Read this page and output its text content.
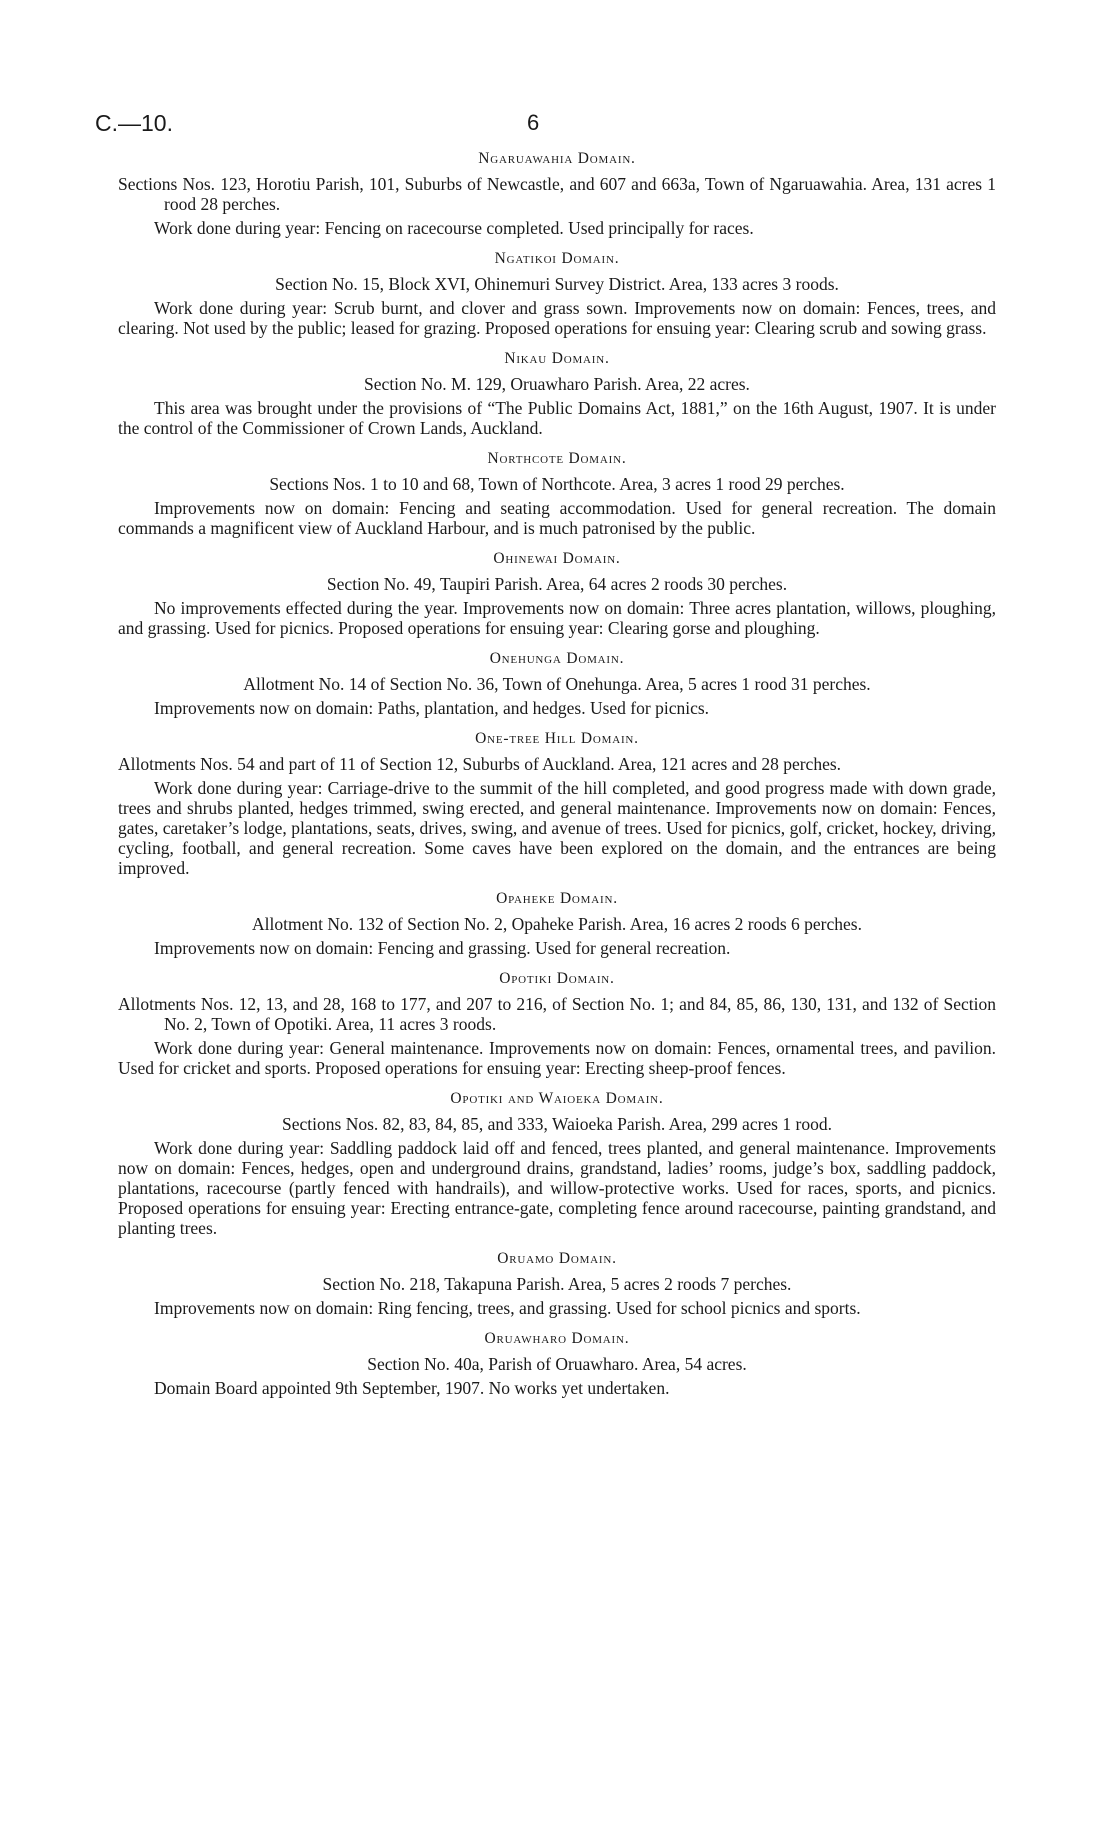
C.—10.	6
Ngaruawahia Domain.
Sections Nos. 123, Horotiu Parish, 101, Suburbs of Newcastle, and 607 and 663a, Town of Ngaruawahia. Area, 131 acres 1 rood 28 perches.
Work done during year: Fencing on racecourse completed. Used principally for races.
Ngatikoi Domain.
Section No. 15, Block XVI, Ohinemuri Survey District. Area, 133 acres 3 roods.
Work done during year: Scrub burnt, and clover and grass sown. Improvements now on domain: Fences, trees, and clearing. Not used by the public; leased for grazing. Proposed operations for ensuing year: Clearing scrub and sowing grass.
Nikau Domain.
Section No. M. 129, Oruawharo Parish. Area, 22 acres.
This area was brought under the provisions of “The Public Domains Act, 1881,” on the 16th August, 1907. It is under the control of the Commissioner of Crown Lands, Auckland.
Northcote Domain.
Sections Nos. 1 to 10 and 68, Town of Northcote. Area, 3 acres 1 rood 29 perches.
Improvements now on domain: Fencing and seating accommodation. Used for general recreation. The domain commands a magnificent view of Auckland Harbour, and is much patronised by the public.
Ohinewai Domain.
Section No. 49, Taupiri Parish. Area, 64 acres 2 roods 30 perches.
No improvements effected during the year. Improvements now on domain: Three acres plantation, willows, ploughing, and grassing. Used for picnics. Proposed operations for ensuing year: Clearing gorse and ploughing.
Onehunga Domain.
Allotment No. 14 of Section No. 36, Town of Onehunga. Area, 5 acres 1 rood 31 perches.
Improvements now on domain: Paths, plantation, and hedges. Used for picnics.
One-tree Hill Domain.
Allotments Nos. 54 and part of 11 of Section 12, Suburbs of Auckland. Area, 121 acres and 28 perches.
Work done during year: Carriage-drive to the summit of the hill completed, and good progress made with down grade, trees and shrubs planted, hedges trimmed, swing erected, and general maintenance. Improvements now on domain: Fences, gates, caretaker’s lodge, plantations, seats, drives, swing, and avenue of trees. Used for picnics, golf, cricket, hockey, driving, cycling, football, and general recreation. Some caves have been explored on the domain, and the entrances are being improved.
Opaheke Domain.
Allotment No. 132 of Section No. 2, Opaheke Parish. Area, 16 acres 2 roods 6 perches.
Improvements now on domain: Fencing and grassing. Used for general recreation.
Opotiki Domain.
Allotments Nos. 12, 13, and 28, 168 to 177, and 207 to 216, of Section No. 1; and 84, 85, 86, 130, 131, and 132 of Section No. 2, Town of Opotiki. Area, 11 acres 3 roods.
Work done during year: General maintenance. Improvements now on domain: Fences, ornamental trees, and pavilion. Used for cricket and sports. Proposed operations for ensuing year: Erecting sheep-proof fences.
Opotiki and Waioeka Domain.
Sections Nos. 82, 83, 84, 85, and 333, Waioeka Parish. Area, 299 acres 1 rood.
Work done during year: Saddling paddock laid off and fenced, trees planted, and general maintenance. Improvements now on domain: Fences, hedges, open and underground drains, grandstand, ladies’ rooms, judge’s box, saddling paddock, plantations, racecourse (partly fenced with handrails), and willow-protective works. Used for races, sports, and picnics. Proposed operations for ensuing year: Erecting entrance-gate, completing fence around racecourse, painting grandstand, and planting trees.
Oruamo Domain.
Section No. 218, Takapuna Parish. Area, 5 acres 2 roods 7 perches.
Improvements now on domain: Ring fencing, trees, and grassing. Used for school picnics and sports.
Oruawharo Domain.
Section No. 40a, Parish of Oruawharo. Area, 54 acres.
Domain Board appointed 9th September, 1907. No works yet undertaken.
